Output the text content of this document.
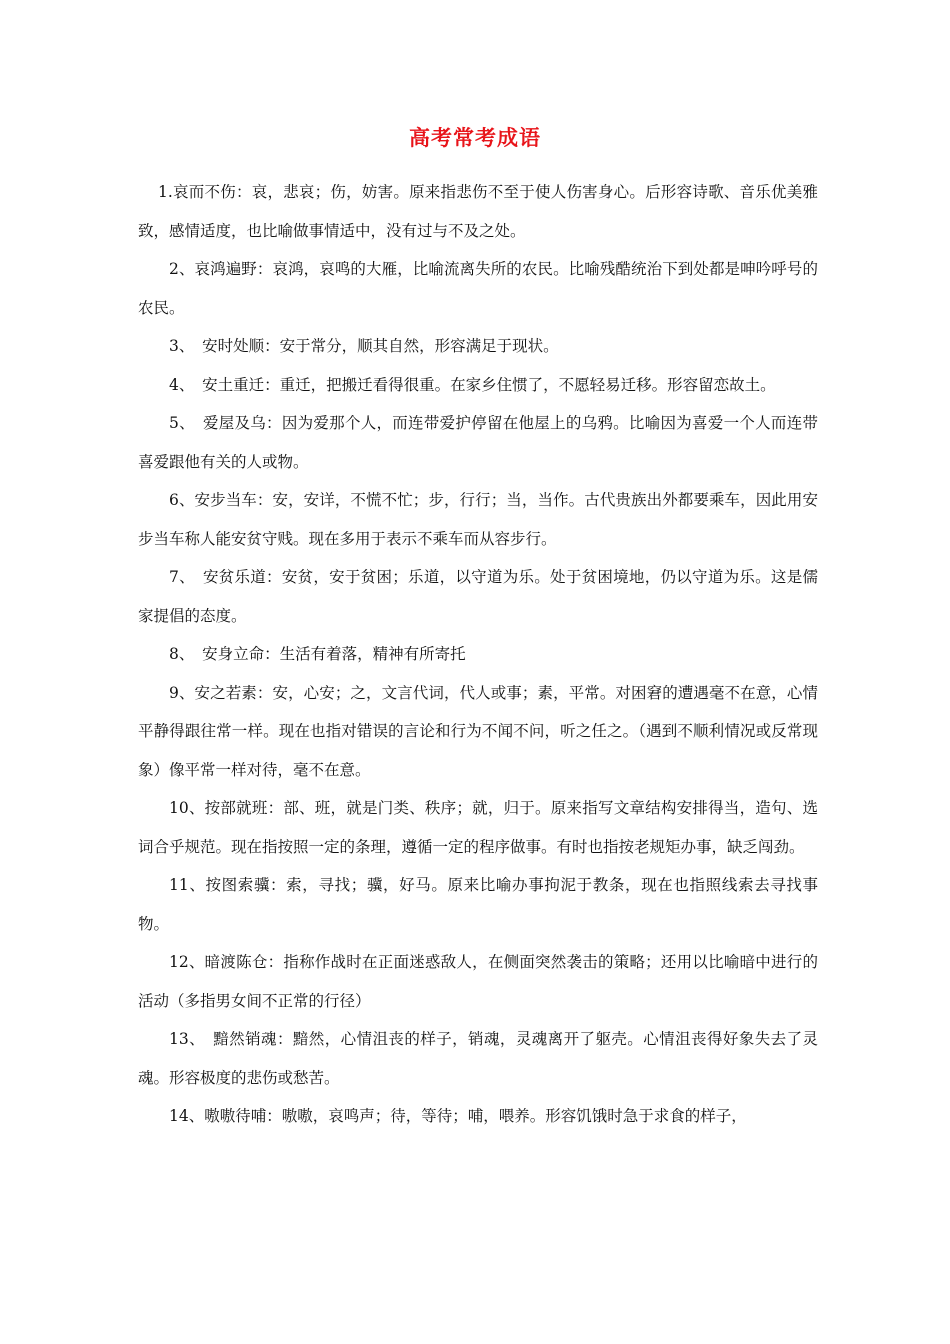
高考常考成语

1.哀而不伤：哀，悲哀；伤，妨害。原来指悲伤不至于使人伤害身心。后形容诗歌、音乐优美雅致，感情适度，也比喻做事情适中，没有过与不及之处。

2、哀鸿遍野：哀鸿，哀鸣的大雁，比喻流离失所的农民。比喻残酷统治下到处都是呻吟呼号的农民。

3、　安时处顺：安于常分，顺其自然，形容满足于现状。

4、　安土重迁：重迁，把搬迁看得很重。在家乡住惯了，不愿轻易迁移。形容留恋故土。

5、　爱屋及乌：因为爱那个人，而连带爱护停留在他屋上的乌鸦。比喻因为喜爱一个人而连带喜爱跟他有关的人或物。

6、安步当车：安，安详，不慌不忙；步，行行；当，当作。古代贵族出外都要乘车，因此用安步当车称人能安贫守贱。现在多用于表示不乘车而从容步行。

7、　安贫乐道：安贫，安于贫困；乐道，以守道为乐。处于贫困境地，仍以守道为乐。这是儒家提倡的态度。

8、　安身立命：生活有着落，精神有所寄托

9、安之若素：安，心安；之，文言代词，代人或事；素，平常。对困窘的遭遇毫不在意，心情平静得跟往常一样。现在也指对错误的言论和行为不闻不问，听之任之。（遇到不顺利情况或反常现象）像平常一样对待，毫不在意。

10、按部就班：部、班，就是门类、秩序；就，归于。原来指写文章结构安排得当，造句、选词合乎规范。现在指按照一定的条理，遵循一定的程序做事。有时也指按老规矩办事，缺乏闯劲。

11、按图索骥：索，寻找；骥，好马。原来比喻办事拘泥于教条，现在也指照线索去寻找事物。

12、暗渡陈仓：指称作战时在正面迷惑敌人，在侧面突然袭击的策略；还用以比喻暗中进行的活动（多指男女间不正常的行径）

13、　黯然销魂：黯然，心情沮丧的样子，销魂，灵魂离开了躯壳。心情沮丧得好象失去了灵魂。形容极度的悲伤或愁苦。

14、嗷嗷待哺：嗷嗷，哀鸣声；待，等待；哺，喂养。形容饥饿时急于求食的样子，
